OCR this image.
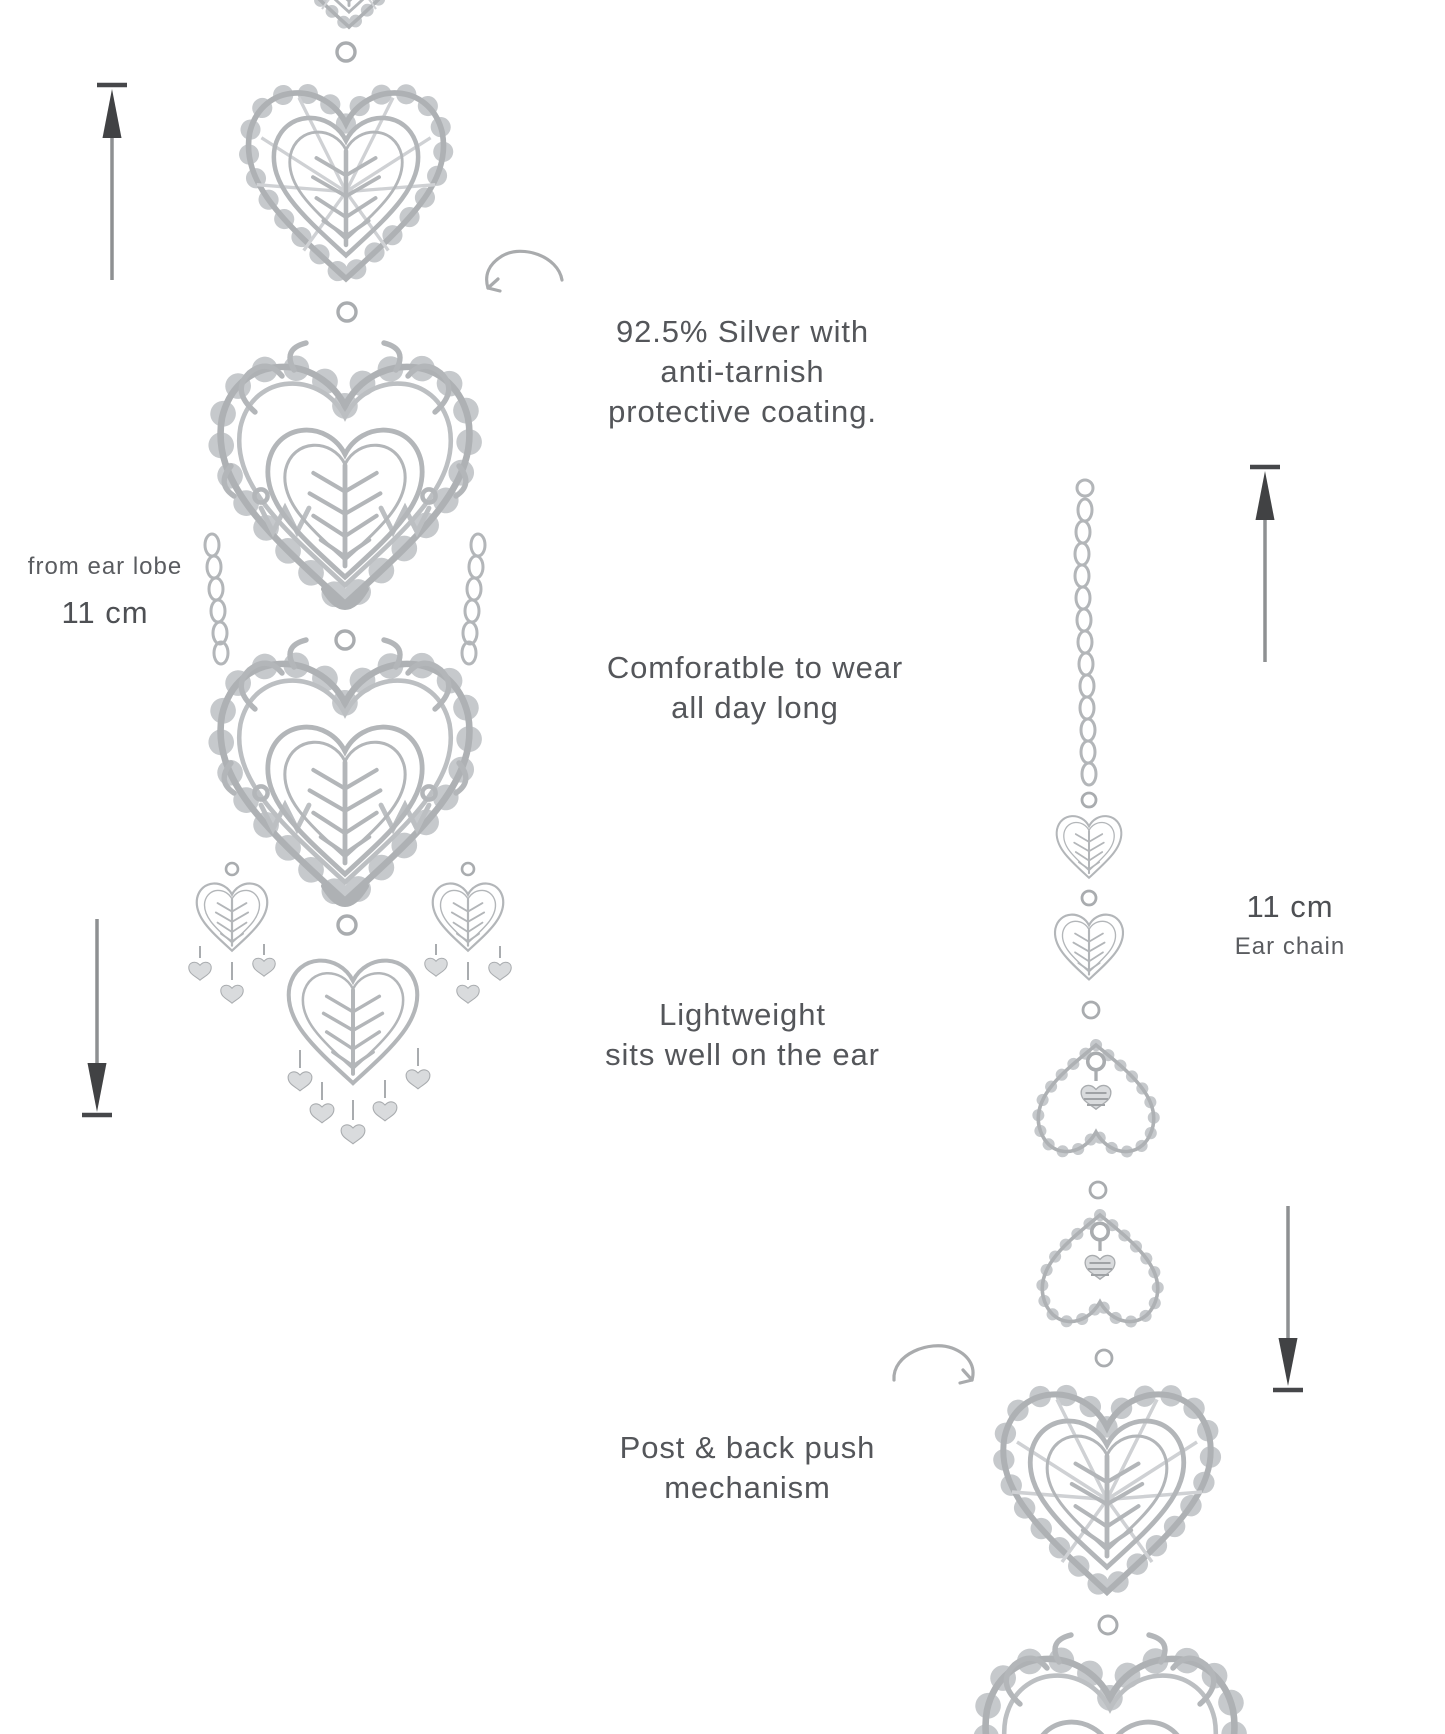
92.5% Silver with
anti-tarnish
protective coating.
Comforatble to wear
all day long
Lightweight
sits well on the ear
Post & back push
mechanism
from ear lobe
11 cm
11 cm
Ear chain
